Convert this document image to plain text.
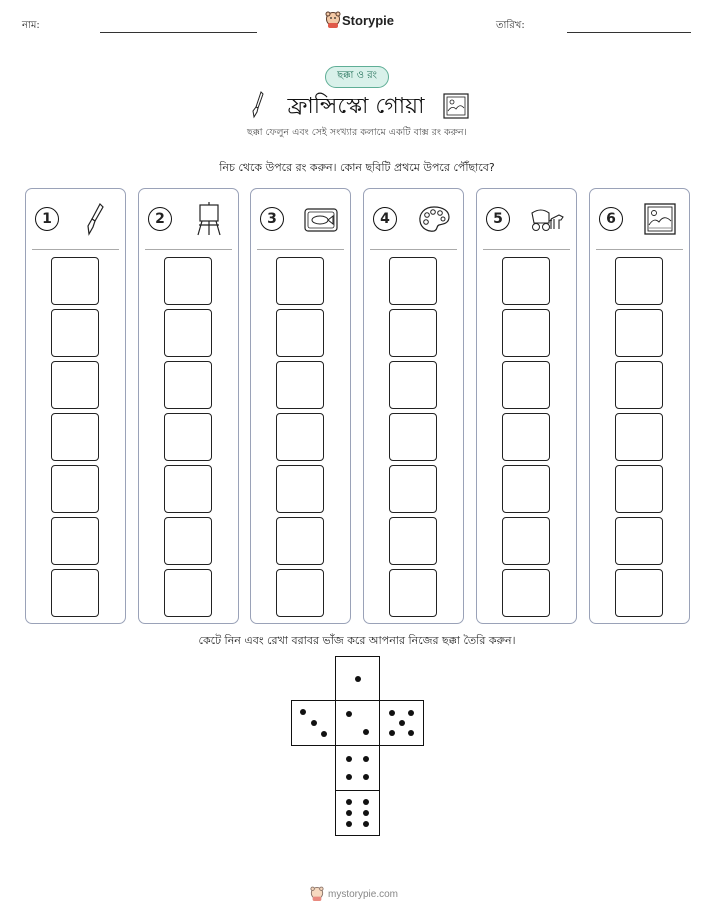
নাম:	Storypie	তারিখ:
ছক্কা ও রং
ফ্রান্সিস্কো গোয়া
ছক্কা ফেলুন এবং সেই সংখ্যার কলামে একটি বাক্স রং করুন।
নিচ থেকে উপরে রং করুন। কোন ছবিটি প্রথমে উপরে পৌঁছাবে?
1	2	3	4	5	6
কেটে নিন এবং রেখা বরাবর ভাঁজ করে আপনার নিজের ছক্কা তৈরি করুন।
mystorypie.com
